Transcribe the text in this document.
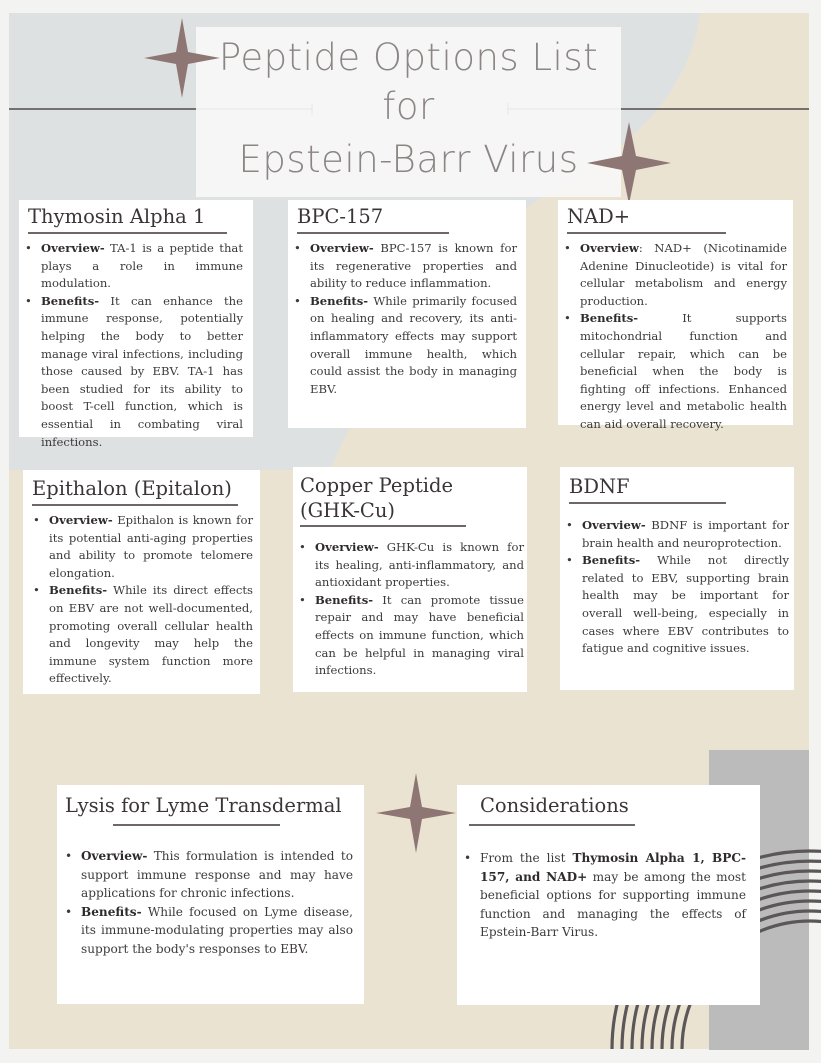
Peptide Options List
for
Epstein-Barr Virus
Thymosin Alpha 1
• Overview- TA-1 is a peptide that plays a role in immune modulation.
• Benefits- It can enhance the immune response, potentially helping the body to better manage viral infections, including those caused by EBV. TA-1 has been studied for its ability to boost T-cell function, which is essential in combating viral infections.
BPC-157
• Overview- BPC-157 is known for its regenerative properties and ability to reduce inflammation.
• Benefits- While primarily focused on healing and recovery, its anti-inflammatory effects may support overall immune health, which could assist the body in managing EBV.
NAD+
• Overview: NAD+ (Nicotinamide Adenine Dinucleotide) is vital for cellular metabolism and energy production.
• Benefits- It supports mitochondrial function and cellular repair, which can be beneficial when the body is fighting off infections. Enhanced energy level and metabolic health can aid overall recovery.
Epithalon (Epitalon)
• Overview- Epithalon is known for its potential anti-aging properties and ability to promote telomere elongation.
• Benefits- While its direct effects on EBV are not well-documented, promoting overall cellular health and longevity may help the immune system function more effectively.
Copper Peptide
(GHK-Cu)
• Overview- GHK-Cu is known for its healing, anti-inflammatory, and antioxidant properties.
• Benefits- It can promote tissue repair and may have beneficial effects on immune function, which can be helpful in managing viral infections.
BDNF
• Overview- BDNF is important for brain health and neuroprotection.
• Benefits- While not directly related to EBV, supporting brain health may be important for overall well-being, especially in cases where EBV contributes to fatigue and cognitive issues.
Lysis for Lyme Transdermal
• Overview- This formulation is intended to support immune response and may have applications for chronic infections.
• Benefits- While focused on Lyme disease, its immune-modulating properties may also support the body's responses to EBV.
Considerations
• From the list Thymosin Alpha 1, BPC-157, and NAD+ may be among the most beneficial options for supporting immune function and managing the effects of Epstein-Barr Virus.
